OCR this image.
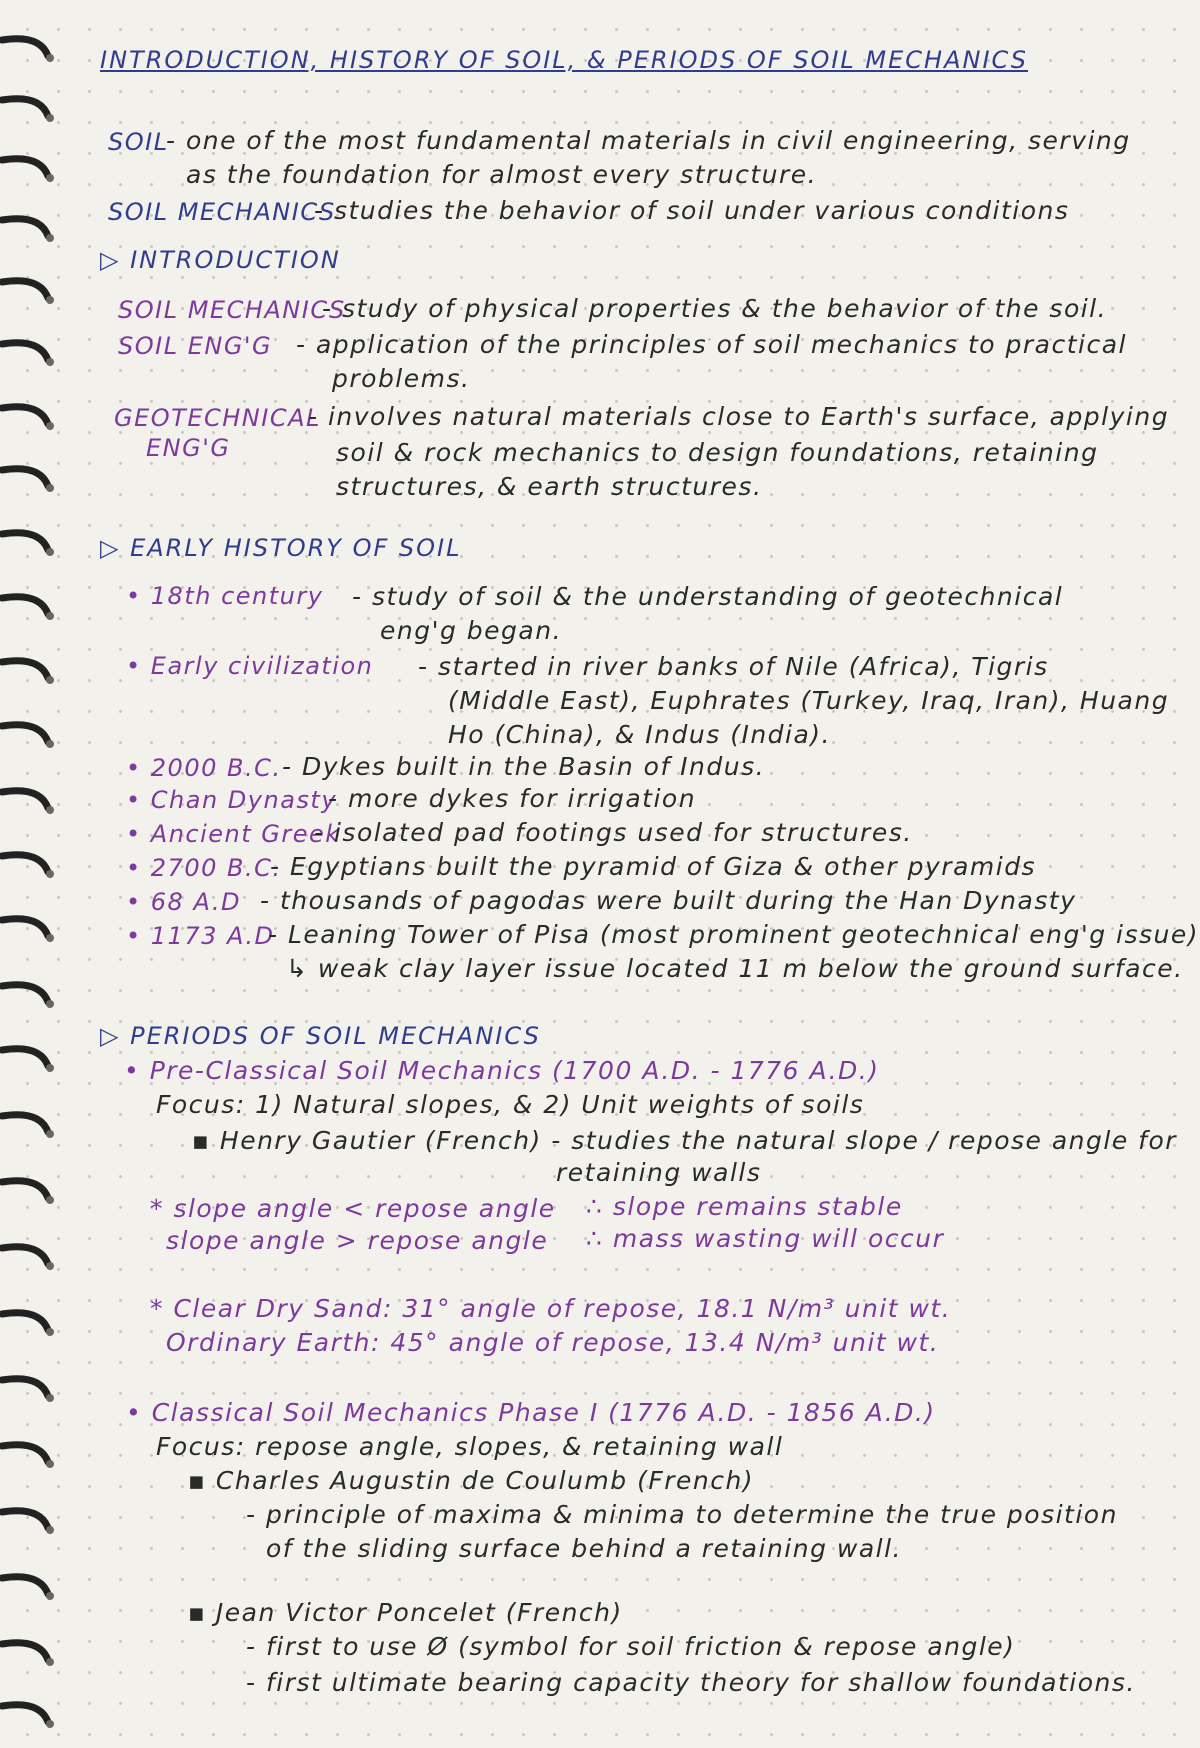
INTRODUCTION, HISTORY OF SOIL, & PERIODS OF SOIL MECHANICS
SOIL
- one of the most fundamental materials in civil engineering, serving
as the foundation for almost every structure.
SOIL MECHANICS
- studies the behavior of soil under various conditions
▷ INTRODUCTION
SOIL MECHANICS
- study of physical properties & the behavior of the soil.
SOIL ENG'G - application of the principles of soil mechanics to practical
problems.
GEOTECHNICAL
ENG'G
- involves natural materials close to Earth's surface, applying
soil & rock mechanics to design foundations, retaining
structures, & earth structures.
▷ EARLY HISTORY OF SOIL
• 18th century - study of soil & the understanding of geotechnical
eng'g began.
• Early civilization - started in river banks of Nile (Africa), Tigris
(Middle East), Euphrates (Turkey, Iraq, Iran), Huang
Ho (China), & Indus (India).
• 2000 B.C. - Dykes built in the Basin of Indus.
• Chan Dynasty
- more dykes for irrigation
• Ancient Greek
- isolated pad footings used for structures.
• 2700 B.C.
- Egyptians built the pyramid of Giza & other pyramids
• 68 A.D - thousands of pagodas were built during the Han Dynasty
• 1173 A.D
- Leaning Tower of Pisa (most prominent geotechnical eng'g issue)
↳ weak clay layer issue located 11 m below the ground surface.
▷ PERIODS OF SOIL MECHANICS
• Pre-Classical Soil Mechanics (1700 A.D. - 1776 A.D.)
Focus: 1) Natural slopes, & 2) Unit weights of soils
▪ Henry Gautier (French) - studies the natural slope / repose angle for
retaining walls
* slope angle < repose angle ∴ slope remains stable
slope angle > repose angle ∴ mass wasting will occur
* Clear Dry Sand: 31° angle of repose, 18.1 N/m³ unit wt.
Ordinary Earth: 45° angle of repose, 13.4 N/m³ unit wt.
• Classical Soil Mechanics Phase I (1776 A.D. - 1856 A.D.)
Focus: repose angle, slopes, & retaining wall
▪ Charles Augustin de Coulumb (French)
- principle of maxima & minima to determine the true position
of the sliding surface behind a retaining wall.
▪ Jean Victor Poncelet (French)
- first to use Ø (symbol for soil friction & repose angle)
- first ultimate bearing capacity theory for shallow foundations.
